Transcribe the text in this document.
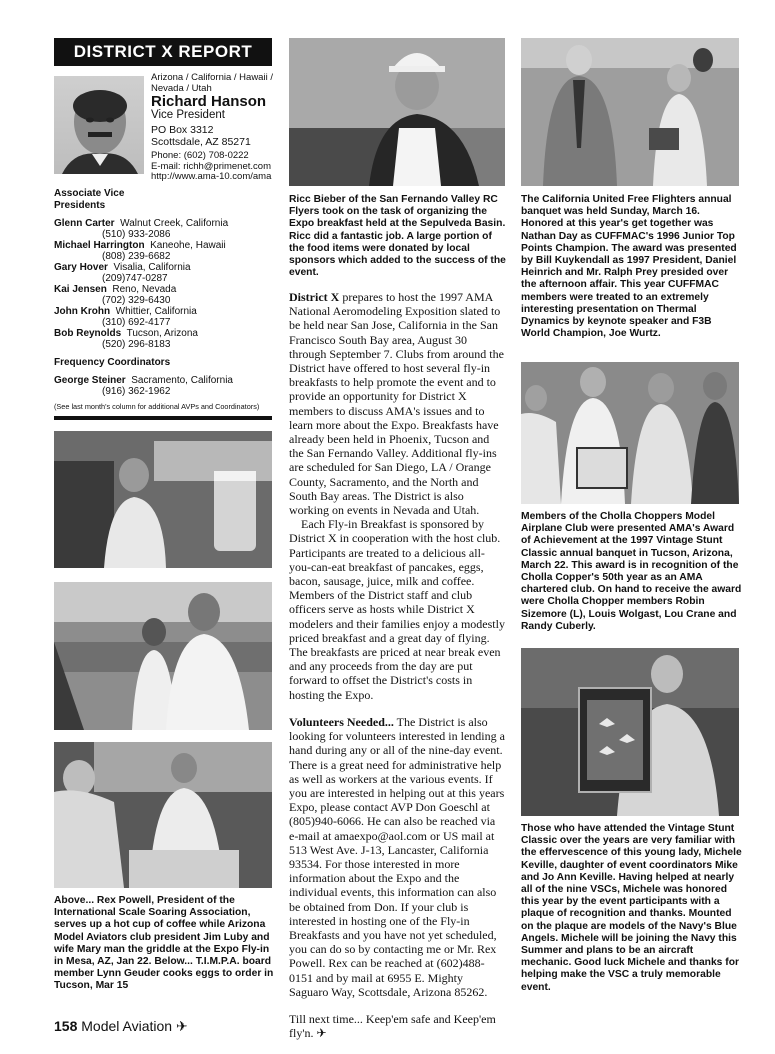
DISTRICT X REPORT
Arizona / California / Hawaii /
Nevada / Utah
Richard Hanson
Vice President
PO Box 3312
Scottsdale, AZ 85271
Phone: (602) 708-0222
E-mail: richh@primenet.com
http://www.ama-10.com/ama
Associate Vice
Presidents
Glenn Carter Walnut Creek, California
(510) 933-2086
Michael Harrington Kaneohe, Hawaii
(808) 239-6682
Gary Hover Visalia, California
(209)747-0287
Kai Jensen Reno, Nevada
(702) 329-6430
John Krohn Whittier, California
(310) 692-4177
Bob Reynolds Tucson, Arizona
(520) 296-8183
Frequency Coordinators
George Steiner Sacramento, California
(916) 362-1962
(See last month's column for additional AVPs and Coordinators)
Above... Rex Powell, President of the International Scale Soaring Association, serves up a hot cup of coffee while Arizona Model Aviators club president Jim Luby and wife Mary man the griddle at the Expo Fly-in in Mesa, AZ, Jan 22. Below... T.I.M.P.A. board member Lynn Geuder cooks eggs to order in Tucson, Mar 15
Ricc Bieber of the San Fernando Valley RC Flyers took on the task of organizing the Expo breakfast held at the Sepulveda Basin. Ricc did a fantastic job. A large portion of the food items were donated by local sponsors which added to the success of the event.

District X prepares to host the 1997 AMA National Aeromodeling Exposition slated to be held near San Jose, California in the San Francisco South Bay area, August 30 through September 7. Clubs from around the District have offered to host several fly-in breakfasts to help promote the event and to provide an opportunity for District X members to discuss AMA's issues and to learn more about the Expo. Breakfasts have already been held in Phoenix, Tucson and the San Fernando Valley. Additional fly-ins are scheduled for San Diego, LA / Orange County, Sacramento, and the North and South Bay areas. The District is also working on events in Nevada and Utah.

Each Fly-in Breakfast is sponsored by District X in cooperation with the host club. Participants are treated to a delicious all-you-can-eat breakfast of pancakes, eggs, bacon, sausage, juice, milk and coffee. Members of the District staff and club officers serve as hosts while District X modelers and their families enjoy a modestly priced breakfast and a great day of flying. The breakfasts are priced at near break even and any proceeds from the day are put forward to offset the District's costs in hosting the Expo.

Volunteers Needed... The District is also looking for volunteers interested in lending a hand during any or all of the nine-day event. There is a great need for administrative help as well as workers at the various events. If you are interested in helping out at this years Expo, please contact AVP Don Goeschl at (805)940-6066. He can also be reached via e-mail at amaexpo@aol.com or US mail at 513 West Ave. J-13, Lancaster, California 93534. For those interested in more information about the Expo and the individual events, this information can also be obtained from Don. If your club is interested in hosting one of the Fly-in Breakfasts and you have not yet scheduled, you can do so by contacting me or Mr. Rex Powell. Rex can be reached at (602)488-0151 and by mail at 6955 E. Mighty Saguaro Way, Scottsdale, Arizona 85262.

Till next time... Keep'em safe and Keep'em fly'n. ✈

The California United Free Flighters annual banquet was held Sunday, March 16. Honored at this year's get together was Nathan Day as CUFFMAC's 1996 Junior Top Points Champion. The award was presented by Bill Kuykendall as 1997 President, Daniel Heinrich and Mr. Ralph Prey presided over the afternoon affair. This year CUFFMAC members were treated to an extremely interesting presentation on Thermal Dynamics by keynote speaker and F3B World Champion, Joe Wurtz.
Members of the Cholla Choppers Model Airplane Club were presented AMA's Award of Achievement at the 1997 Vintage Stunt Classic annual banquet in Tucson, Arizona, March 22. This award is in recognition of the Cholla Copper's 50th year as an AMA chartered club. On hand to receive the award were Cholla Chopper members Robin Sizemore (L), Louis Wolgast, Lou Crane and Randy Cuberly.
Those who have attended the Vintage Stunt Classic over the years are very familiar with the effervescence of this young lady, Michele Keville, daughter of event coordinators Mike and Jo Ann Keville. Having helped at nearly all of the nine VSCs, Michele was honored this year by the event participants with a plaque of recognition and thanks. Mounted on the plaque are models of the Navy's Blue Angels. Michele will be joining the Navy this Summer and plans to be an aircraft mechanic. Good luck Michele and thanks for helping make the VSC a truly memorable event.
158 Model Aviation ✈
